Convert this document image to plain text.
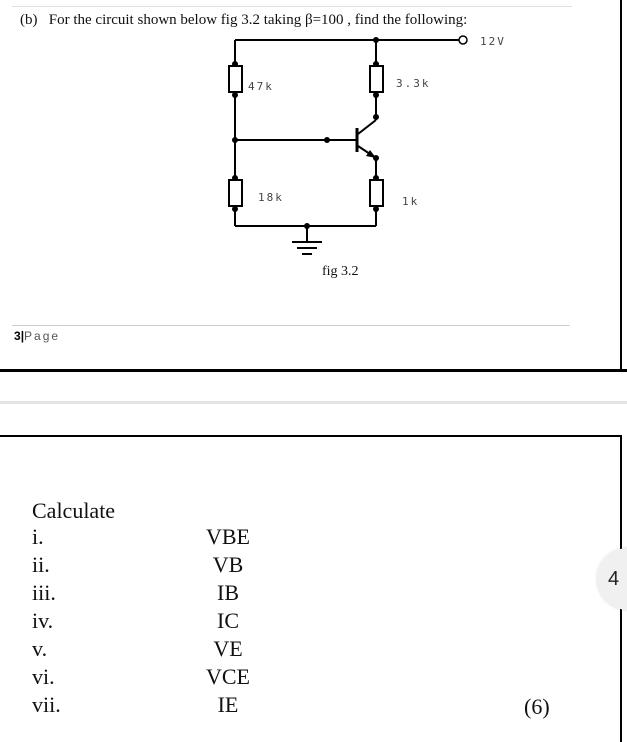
(b) For the circuit shown below fig 3.2 taking β=100 , find the following:
12V
47k
18k
3.3k
1k
fig 3.2
3|Page
Calculate
i.	VBE
ii.	VB
iii.	IB
iv.	IC
v.	VE
vi.	VCE
vii.	IE	(6)
4
